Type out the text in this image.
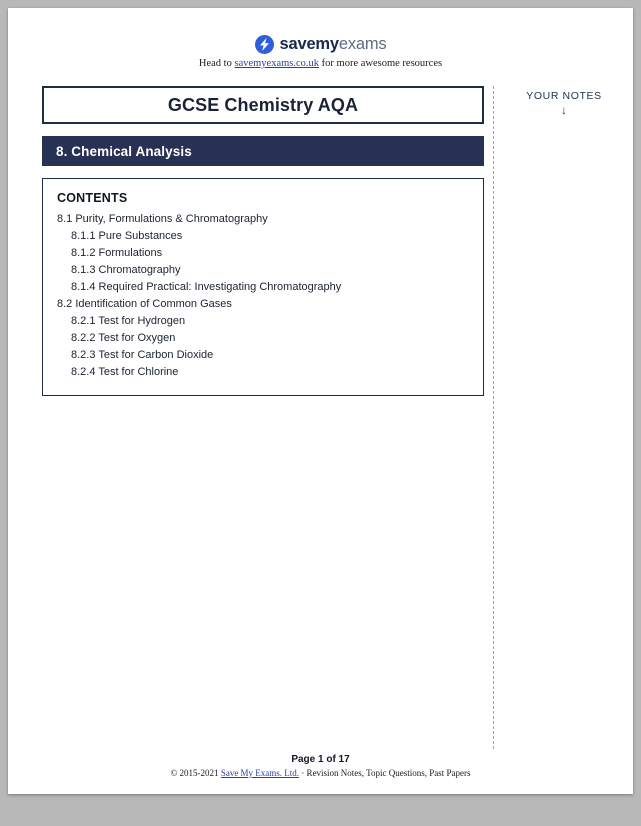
savemyexams
Head to savemyexams.co.uk for more awesome resources
GCSE Chemistry AQA
8. Chemical Analysis
CONTENTS
8.1 Purity, Formulations & Chromatography
8.1.1 Pure Substances
8.1.2 Formulations
8.1.3 Chromatography
8.1.4 Required Practical: Investigating Chromatography
8.2 Identification of Common Gases
8.2.1 Test for Hydrogen
8.2.2 Test for Oxygen
8.2.3 Test for Carbon Dioxide
8.2.4 Test for Chlorine
YOUR NOTES
↓
Page 1 of 17
© 2015-2021 Save My Exams. Ltd. · Revision Notes, Topic Questions, Past Papers
